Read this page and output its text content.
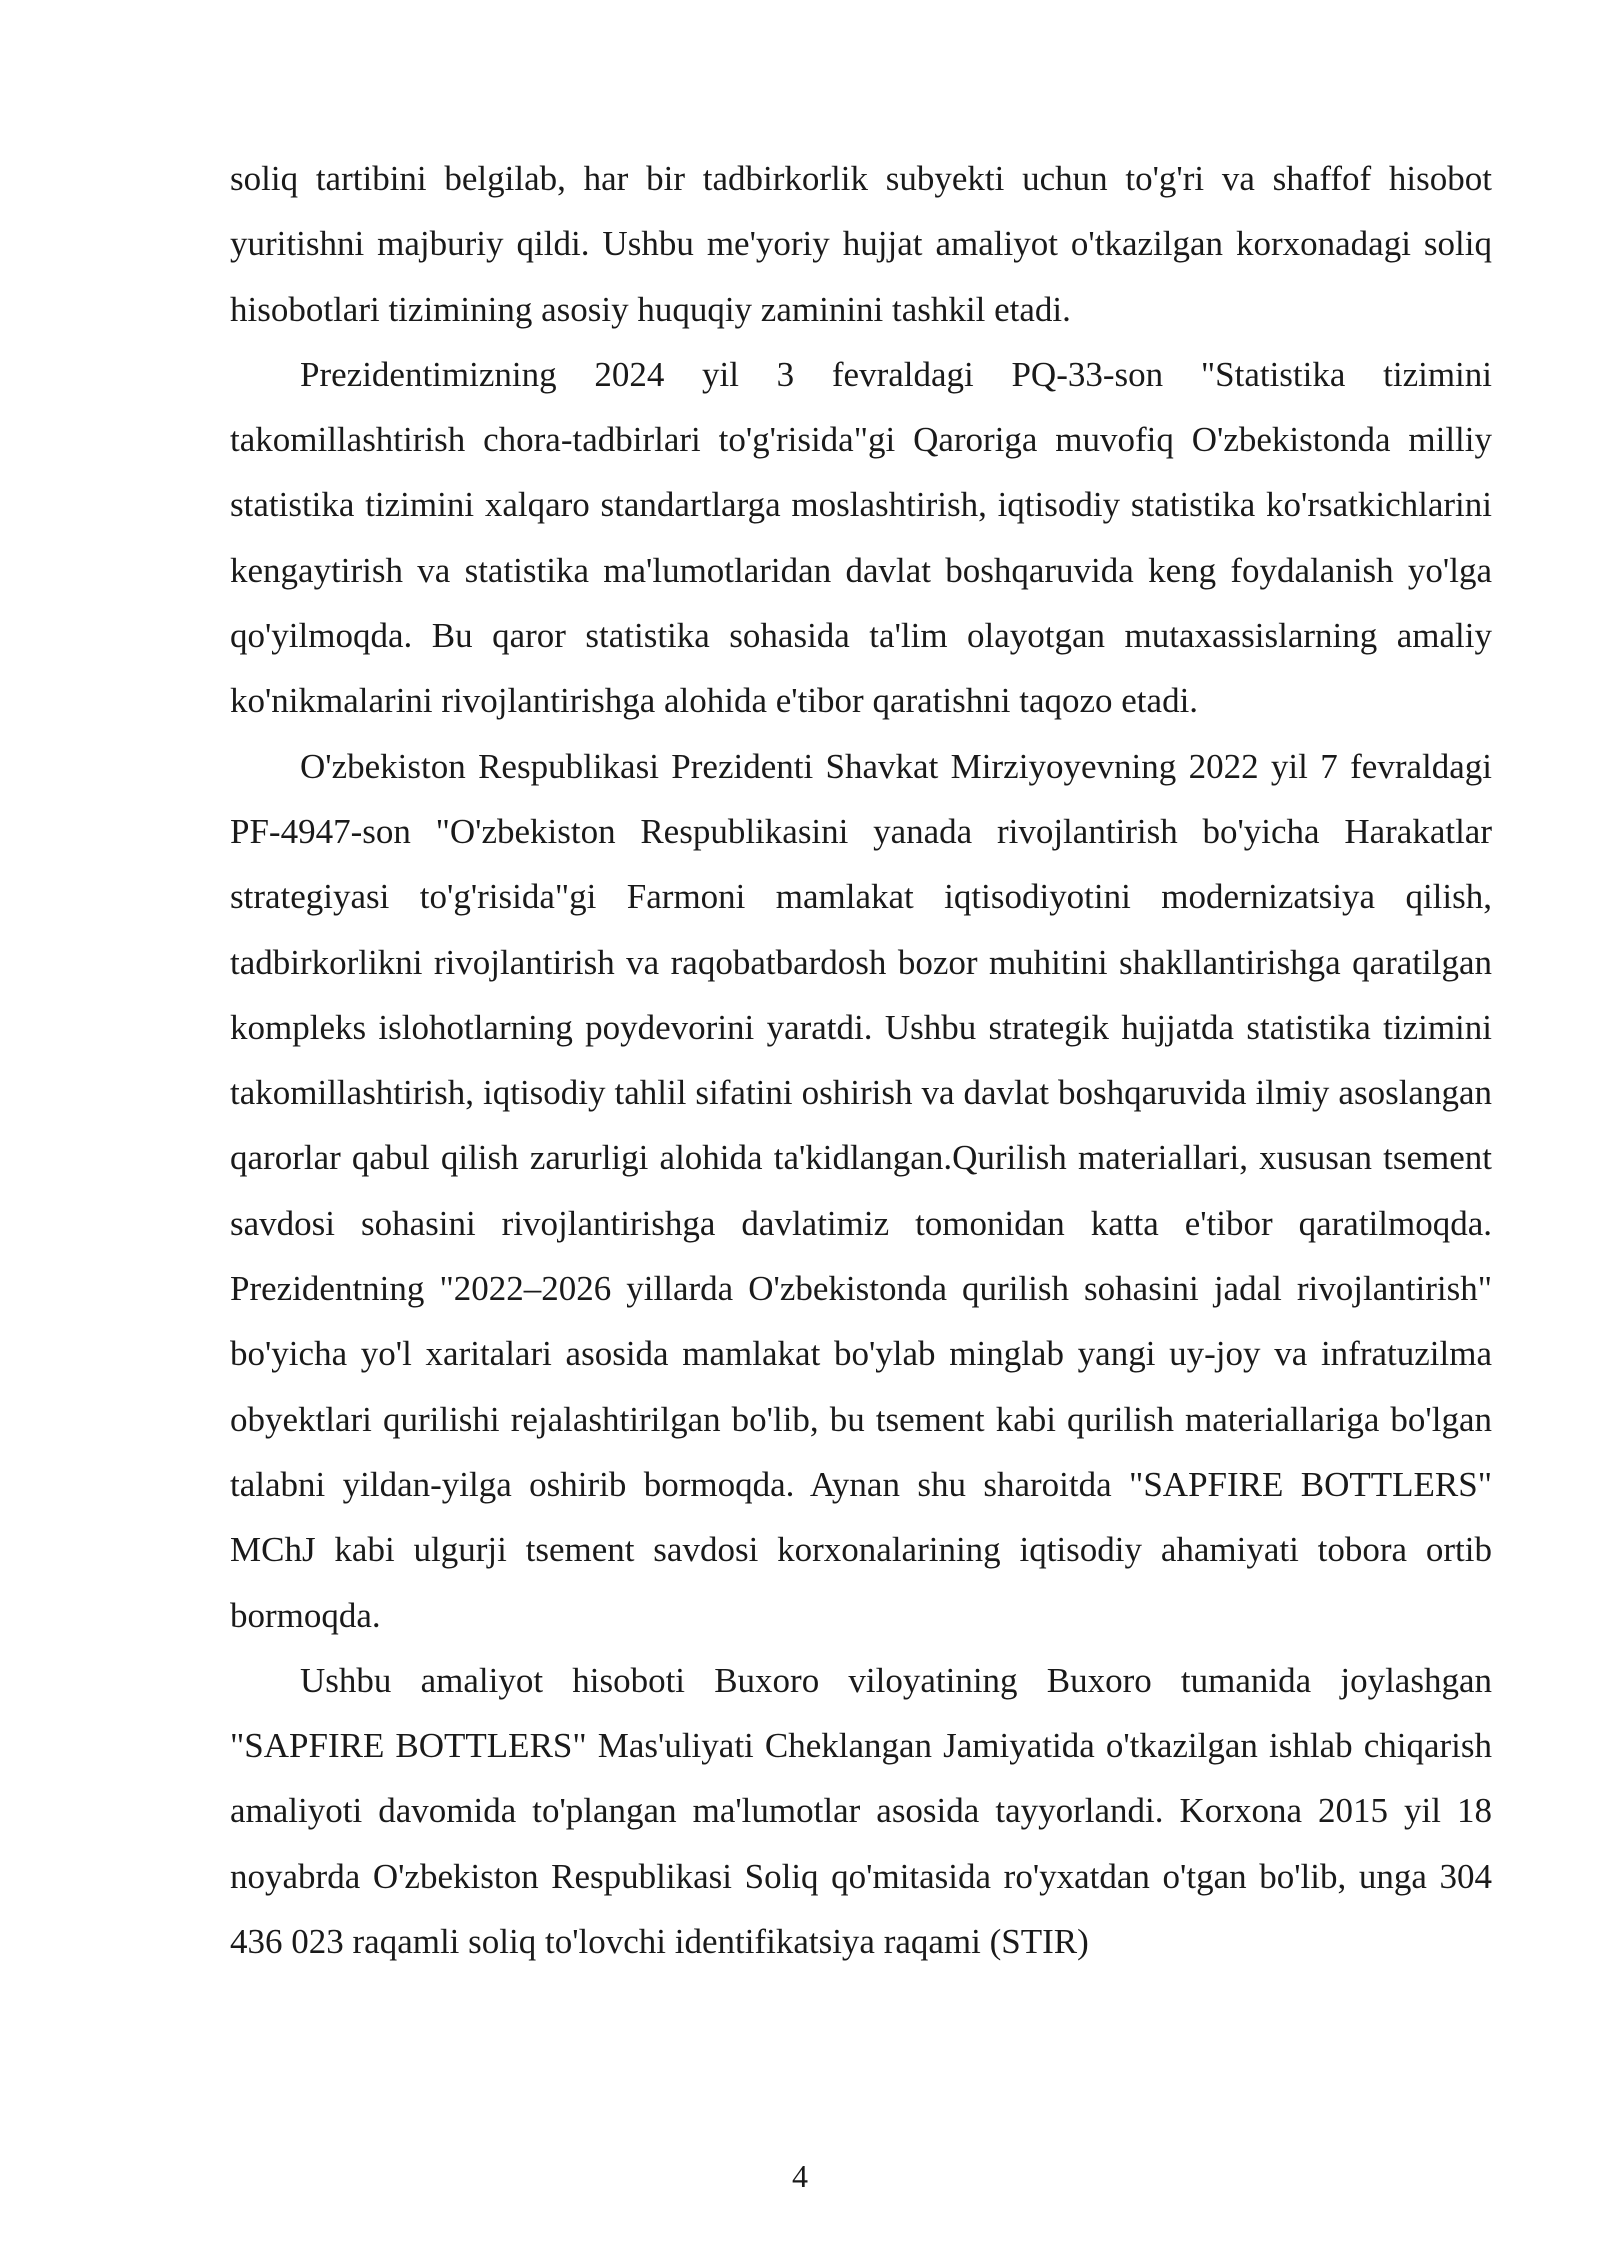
soliq tartibini belgilab, har bir tadbirkorlik subyekti uchun to'g'ri va shaffof hisobot yuritishni majburiy qildi. Ushbu me'yoriy hujjat amaliyot o'tkazilgan korxonadagi soliq hisobotlari tizimining asosiy huquqiy zaminini tashkil etadi.

Prezidentimizning 2024 yil 3 fevraldagi PQ-33-son "Statistika tizimini takomillashtirish chora-tadbirlari to'g'risida"gi Qaroriga muvofiq O'zbekistonda milliy statistika tizimini xalqaro standartlarga moslashtirish, iqtisodiy statistika ko'rsatkichlarini kengaytirish va statistika ma'lumotlaridan davlat boshqaruvida keng foydalanish yo'lga qo'yilmoqda. Bu qaror statistika sohasida ta'lim olayotgan mutaxassislarning amaliy ko'nikmalarini rivojlantirishga alohida e'tibor qaratishni taqozo etadi.

O'zbekiston Respublikasi Prezidenti Shavkat Mirziyoyevning 2022 yil 7 fevraldagi PF-4947-son "O'zbekiston Respublikasini yanada rivojlantirish bo'yicha Harakatlar strategiyasi to'g'risida"gi Farmoni mamlakat iqtisodiyotini modernizatsiya qilish, tadbirkorlikni rivojlantirish va raqobatbardosh bozor muhitini shakllantirishga qaratilgan kompleks islohotlarning poydevorini yaratdi. Ushbu strategik hujjatda statistika tizimini takomillashtirish, iqtisodiy tahlil sifatini oshirish va davlat boshqaruvida ilmiy asoslangan qarorlar qabul qilish zarurligi alohida ta'kidlangan.Qurilish materiallari, xususan tsement savdosi sohasini rivojlantirishga davlatimiz tomonidan katta e'tibor qaratilmoqda. Prezidentning "2022–2026 yillarda O'zbekistonda qurilish sohasini jadal rivojlantirish" bo'yicha yo'l xaritalari asosida mamlakat bo'ylab minglab yangi uy-joy va infratuzilma obyektlari qurilishi rejalashtirilgan bo'lib, bu tsement kabi qurilish materiallariga bo'lgan talabni yildan-yilga oshirib bormoqda. Aynan shu sharoitda "SAPFIRE BOTTLERS" MChJ kabi ulgurji tsement savdosi korxonalarining iqtisodiy ahamiyati tobora ortib bormoqda.

Ushbu amaliyot hisoboti Buxoro viloyatining Buxoro tumanida joylashgan "SAPFIRE BOTTLERS" Mas'uliyati Cheklangan Jamiyatida o'tkazilgan ishlab chiqarish amaliyoti davomida to'plangan ma'lumotlar asosida tayyorlandi. Korxona 2015 yil 18 noyabrda O'zbekiston Respublikasi Soliq qo'mitasida ro'yxatdan o'tgan bo'lib, unga 304 436 023 raqamli soliq to'lovchi identifikatsiya raqami (STIR)

4
